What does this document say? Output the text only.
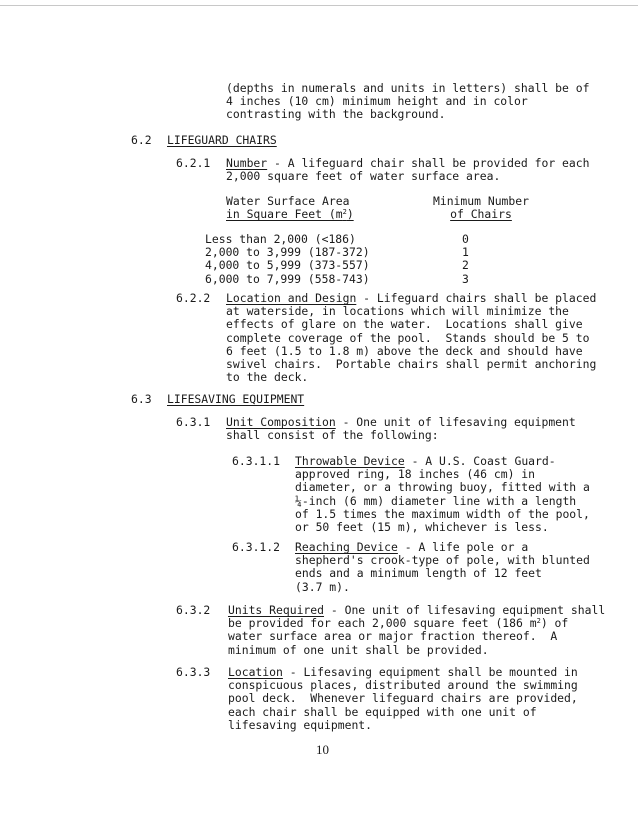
(depths in numerals and units in letters) shall be of
4 inches (10 cm) minimum height and in color
contrasting with the background.
6.2 LIFEGUARD CHAIRS
6.2.1 Number - A lifeguard chair shall be provided for each
2,000 square feet of water surface area.
Water Surface Area
in Square Feet $(m^2)$
Minimum Number
of Chairs
Less than 2,000 (<186)
2,000 to 3,999 (187-372)
4,000 to 5,999 (373-557)
6,000 to 7,999 (558-743)
0
1
2
3
6.2.2 Location and Design - Lifeguard chairs shall be placed
at waterside, in locations which will minimize the
effects of glare on the water.  Locations shall give
complete coverage of the pool.  Stands should be 5 to
6 feet (1.5 to 1.8 m) above the deck and should have
swivel chairs.  Portable chairs shall permit anchoring
to the deck.
6.3 LIFESAVING EQUIPMENT
6.3.1 Unit Composition - One unit of lifesaving equipment
shall consist of the following:
6.3.1.1 Throwable Device - A U.S. Coast Guard-
approved ring, 18 inches (46 cm) in
diameter, or a throwing buoy, fitted with a
¼-inch (6 mm) diameter line with a length
of 1.5 times the maximum width of the pool,
or 50 feet (15 m), whichever is less.
6.3.1.2 Reaching Device - A life pole or a
shepherd's crook-type of pole, with blunted
ends and a minimum length of 12 feet
(3.7 m).
6.3.2 Units Required - One unit of lifesaving equipment shall
be provided for each 2,000 square feet (186 $m^2$) of
water surface area or major fraction thereof.  A
minimum of one unit shall be provided.
6.3.3 Location - Lifesaving equipment shall be mounted in
conspicuous places, distributed around the swimming
pool deck.  Whenever lifeguard chairs are provided,
each chair shall be equipped with one unit of
lifesaving equipment.
10
